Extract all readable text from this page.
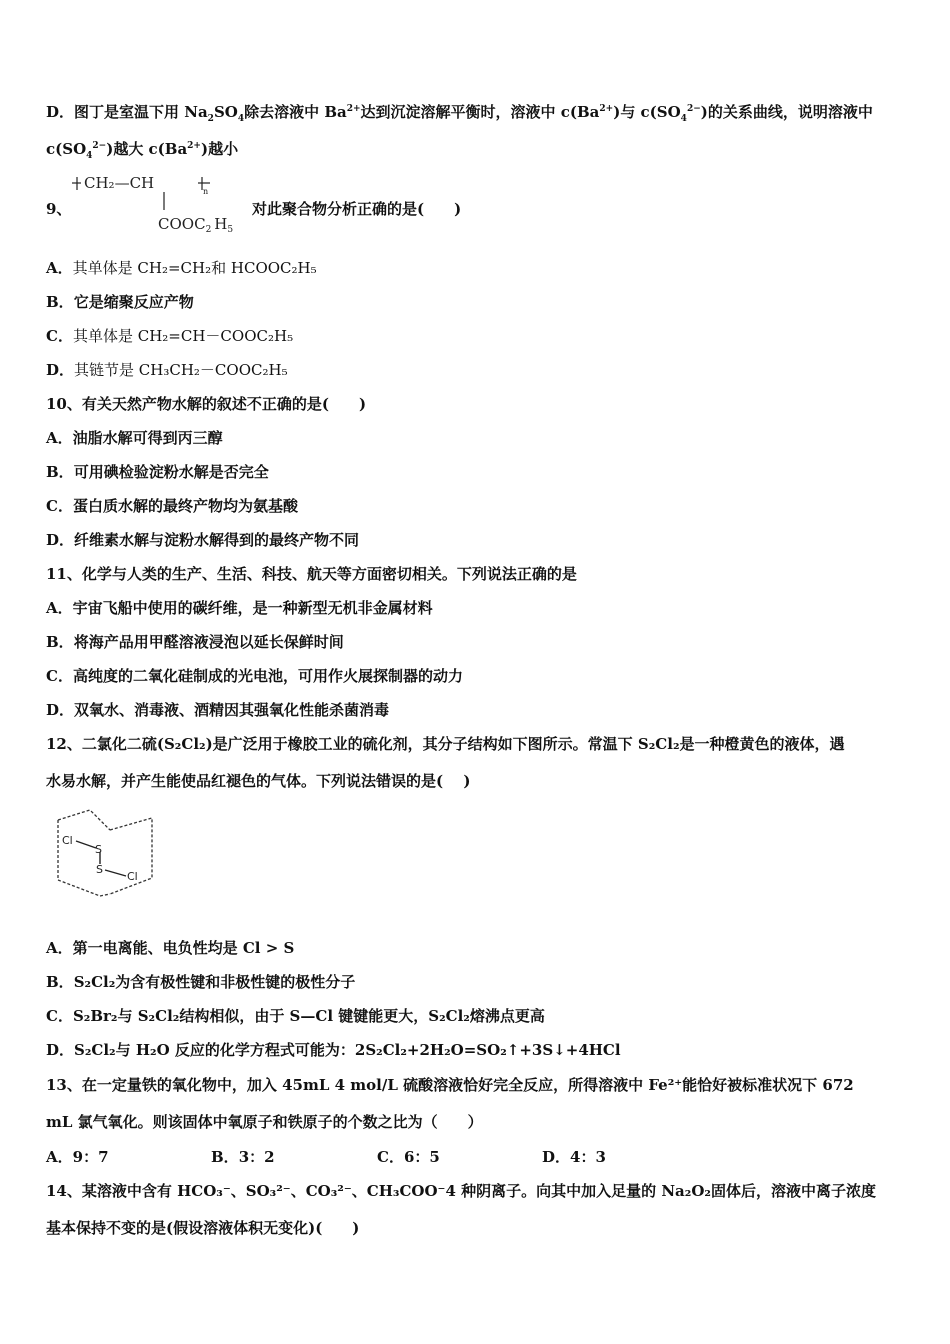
D．图丁是室温下用 $Na_2SO_4$除去溶液中 $Ba^{2+}$达到沉淀溶解平衡时，溶液中 $c(Ba^{2+})$与 $c(SO_4^{2-})$的关系曲线，说明溶液中
$c(SO_4^{2-})$越大 $c(Ba^{2+})$越小
9、
CH₂—CH	n
$COOC_2$ $H_5$
对此聚合物分析正确的是(　　)
A．其单体是 CH₂=CH₂和 HCOOC₂H₅
B．它是缩聚反应产物
C．其单体是 CH₂=CH－COOC₂H₅
D．其链节是 CH₃CH₂－COOC₂H₅
10、有关天然产物水解的叙述不正确的是(　　)
A．油脂水解可得到丙三醇
B．可用碘检验淀粉水解是否完全
C．蛋白质水解的最终产物均为氨基酸
D．纤维素水解与淀粉水解得到的最终产物不同
11、化学与人类的生产、生活、科技、航天等方面密切相关。下列说法正确的是
A．宇宙飞船中使用的碳纤维，是一种新型无机非金属材料
B．将海产品用甲醛溶液浸泡以延长保鲜时间
C．高纯度的二氧化硅制成的光电池，可用作火展探制器的动力
D．双氧水、消毒液、酒精因其强氧化性能杀菌消毒
12、二氯化二硫(S₂Cl₂)是广泛用于橡胶工业的硫化剂，其分子结构如下图所示。常温下 S₂Cl₂是一种橙黄色的液体，遇
水易水解，并产生能使品红褪色的气体。下列说法错误的是(　 )
Cl
S
S
Cl
A．第一电离能、电负性均是 Cl > S
B．S₂Cl₂为含有极性键和非极性键的极性分子
C．S₂Br₂与 S₂Cl₂结构相似，由于 S—Cl 键键能更大，S₂Cl₂熔沸点更高
D．S₂Cl₂与 H₂O 反应的化学方程式可能为：2S₂Cl₂+2H₂O=SO₂↑+3S↓+4HCl
13、在一定量铁的氧化物中，加入 45mL 4 mol/L 硫酸溶液恰好完全反应，所得溶液中 Fe²⁺能恰好被标准状况下 672
mL 氯气氧化。则该固体中氧原子和铁原子的个数之比为（　　）
A．9：7	B．3：2	C．6：5	D．4：3
14、某溶液中含有 HCO₃⁻、SO₃²⁻、CO₃²⁻、CH₃COO⁻4 种阴离子。向其中加入足量的 Na₂O₂固体后，溶液中离子浓度
基本保持不变的是(假设溶液体积无变化)(　　)
